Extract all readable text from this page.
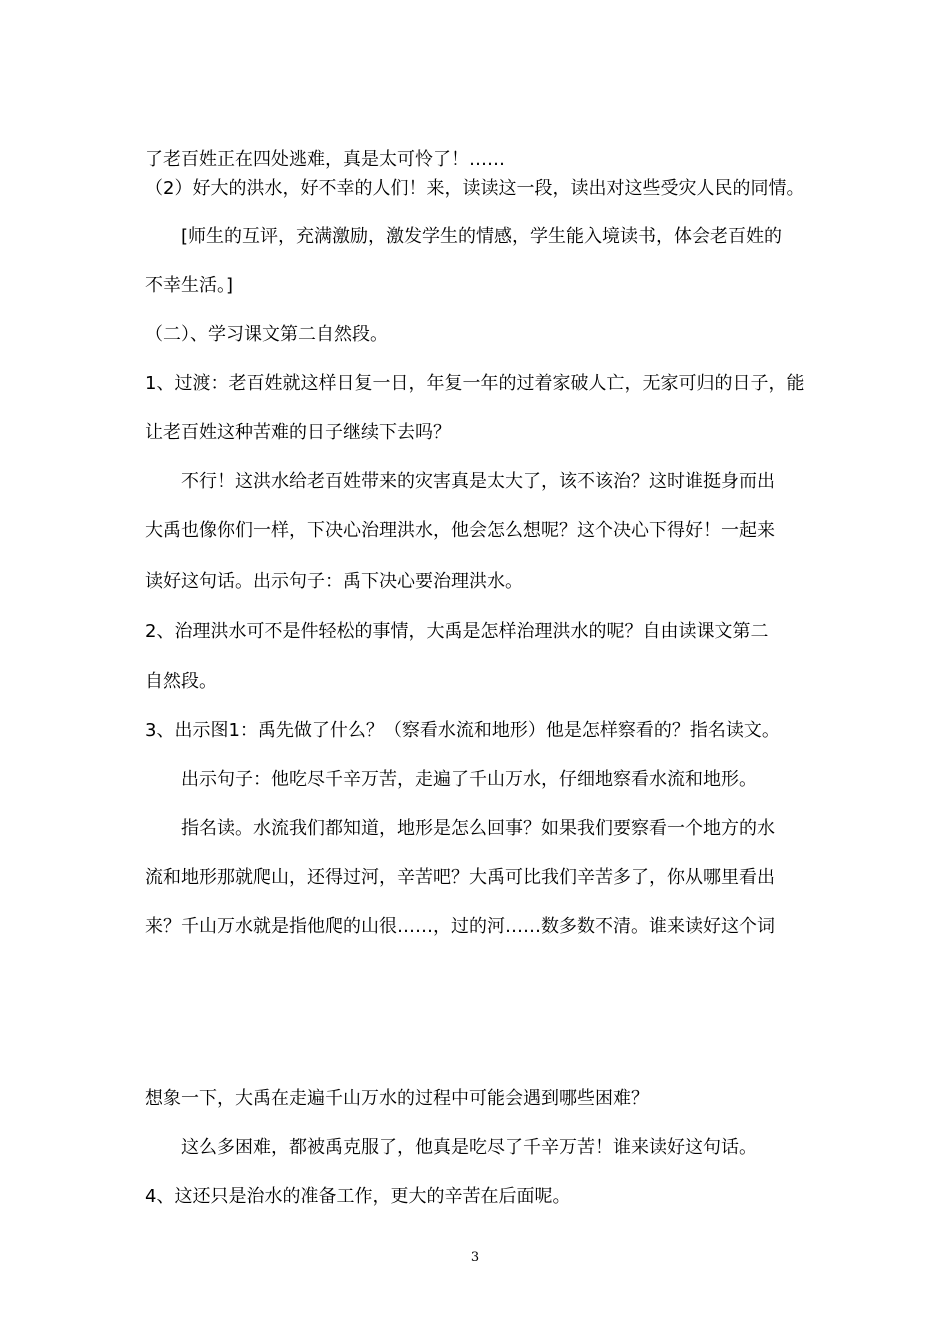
了老百姓正在四处逃难，真是太可怜了！……
（2）好大的洪水，好不幸的人们！来，读读这一段，读出对这些受灾人民的同情。
[师生的互评，充满激励，激发学生的情感，学生能入境读书，体会老百姓的
不幸生活。]
（二）、学习课文第二自然段。
1、过渡：老百姓就这样日复一日，年复一年的过着家破人亡，无家可归的日子，能
让老百姓这种苦难的日子继续下去吗？
不行！这洪水给老百姓带来的灾害真是太大了，该不该治？这时谁挺身而出
大禹也像你们一样，下决心治理洪水，他会怎么想呢？这个决心下得好！一起来
读好这句话。出示句子：禹下决心要治理洪水。
2、治理洪水可不是件轻松的事情，大禹是怎样治理洪水的呢？自由读课文第二
自然段。
3、出示图1：禹先做了什么？（察看水流和地形）他是怎样察看的？指名读文。
出示句子：他吃尽千辛万苦，走遍了千山万水，仔细地察看水流和地形。
指名读。水流我们都知道，地形是怎么回事？如果我们要察看一个地方的水
流和地形那就爬山，还得过河，辛苦吧？大禹可比我们辛苦多了，你从哪里看出
来？千山万水就是指他爬的山很……，过的河……数多数不清。谁来读好这个词
想象一下，大禹在走遍千山万水的过程中可能会遇到哪些困难？
这么多困难，都被禹克服了，他真是吃尽了千辛万苦！谁来读好这句话。
4、这还只是治水的准备工作，更大的辛苦在后面呢。
3
